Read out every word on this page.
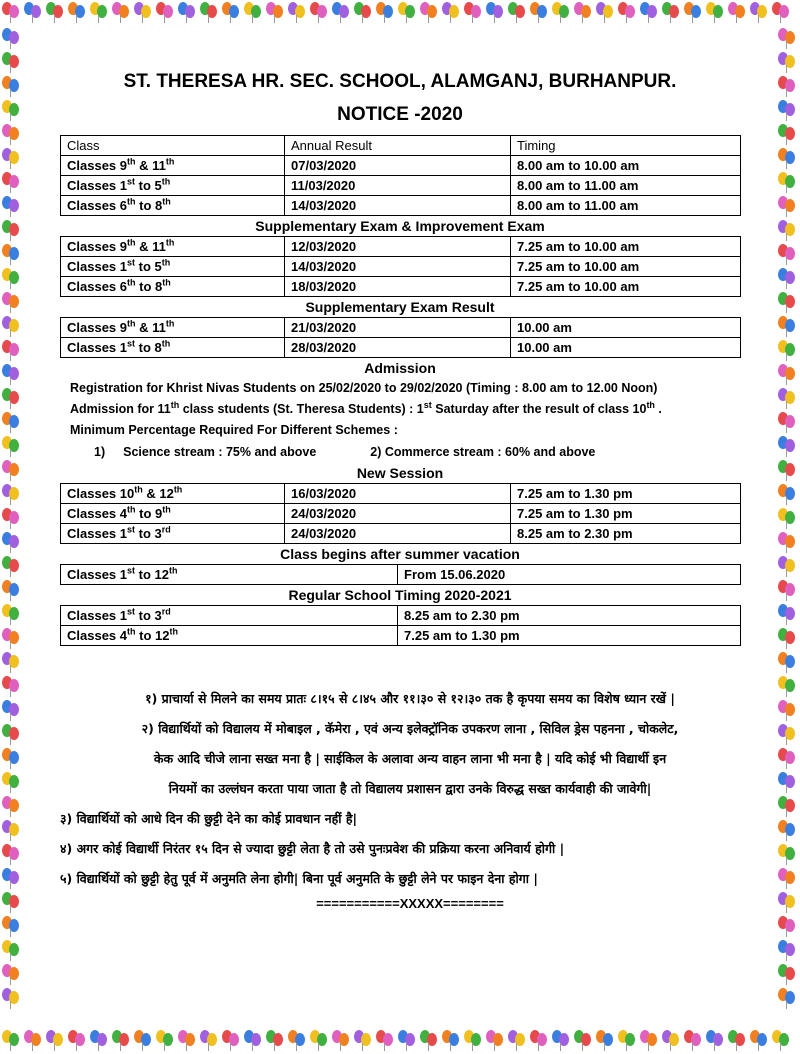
ST. THERESA HR. SEC. SCHOOL, ALAMGANJ, BURHANPUR.
NOTICE -2020
Class	Annual Result	Timing
Classes 9th & 11th	07/03/2020	8.00 am to 10.00 am
Classes 1st to 5th	11/03/2020	8.00 am to 11.00 am
Classes 6th to 8th	14/03/2020	8.00 am to 11.00 am
Supplementary Exam & Improvement Exam
Classes 9th & 11th	12/03/2020	7.25 am to 10.00 am
Classes 1st to 5th	14/03/2020	7.25 am to 10.00 am
Classes 6th to 8th	18/03/2020	7.25 am to 10.00 am
Supplementary Exam Result
Classes 9th & 11th	21/03/2020	10.00 am
Classes 1st to 8th	28/03/2020	10.00 am
Admission
Registration for Khrist Nivas Students on 25/02/2020 to 29/02/2020 (Timing : 8.00 am to 12.00 Noon)
Admission for 11th class students (St. Theresa Students) : 1st Saturday after the result of class 10th .
Minimum Percentage Required For Different Schemes :
1) Science stream : 75% and above	2) Commerce stream : 60% and above
New Session
Classes 10th & 12th	16/03/2020	7.25 am to 1.30 pm
Classes 4th to 9th	24/03/2020	7.25 am to 1.30 pm
Classes 1st to 3rd	24/03/2020	8.25 am to 2.30 pm
Class begins after summer vacation
Classes 1st to 12th	From 15.06.2020
Regular School Timing 2020-2021
Classes 1st to 3rd	8.25 am to 2.30 pm
Classes 4th to 12th	7.25 am to 1.30 pm
१) प्राचार्या से मिलने का समय प्रातः ८।१५ से ८।४५ और ११।३० से १२।३० तक है कृपया समय का विशेष ध्यान रखें |
२) विद्यार्थियों को विद्यालय में मोबाइल , कॅमेरा , एवं अन्य इलेक्ट्रॉनिक उपकरण लाना , सिविल ड्रेस पहनना , चोकलेट,
केक आदि चीजे लाना सख्त मना है | साईकिल के अलावा अन्य वाहन लाना भी मना है | यदि कोई भी विद्यार्थी इन
नियमों का उल्लंघन करता पाया जाता है तो विद्यालय प्रशासन द्वारा उनके विरुद्ध सख्त कार्यवाही की जावेगी|
३) विद्यार्थियों को आधे दिन की छुट्टी देने का कोई प्रावधान नहीं है|
४) अगर कोई विद्यार्थी निरंतर १५ दिन से ज्यादा छुट्टी लेता है तो उसे पुनःप्रवेश की प्रक्रिया करना अनिवार्य होगी |
५) विद्यार्थियों को छुट्टी हेतु पूर्व में अनुमति लेना होगी| बिना पूर्व अनुमति के छुट्टी लेने पर फाइन देना होगा |
===========XXXXX========
